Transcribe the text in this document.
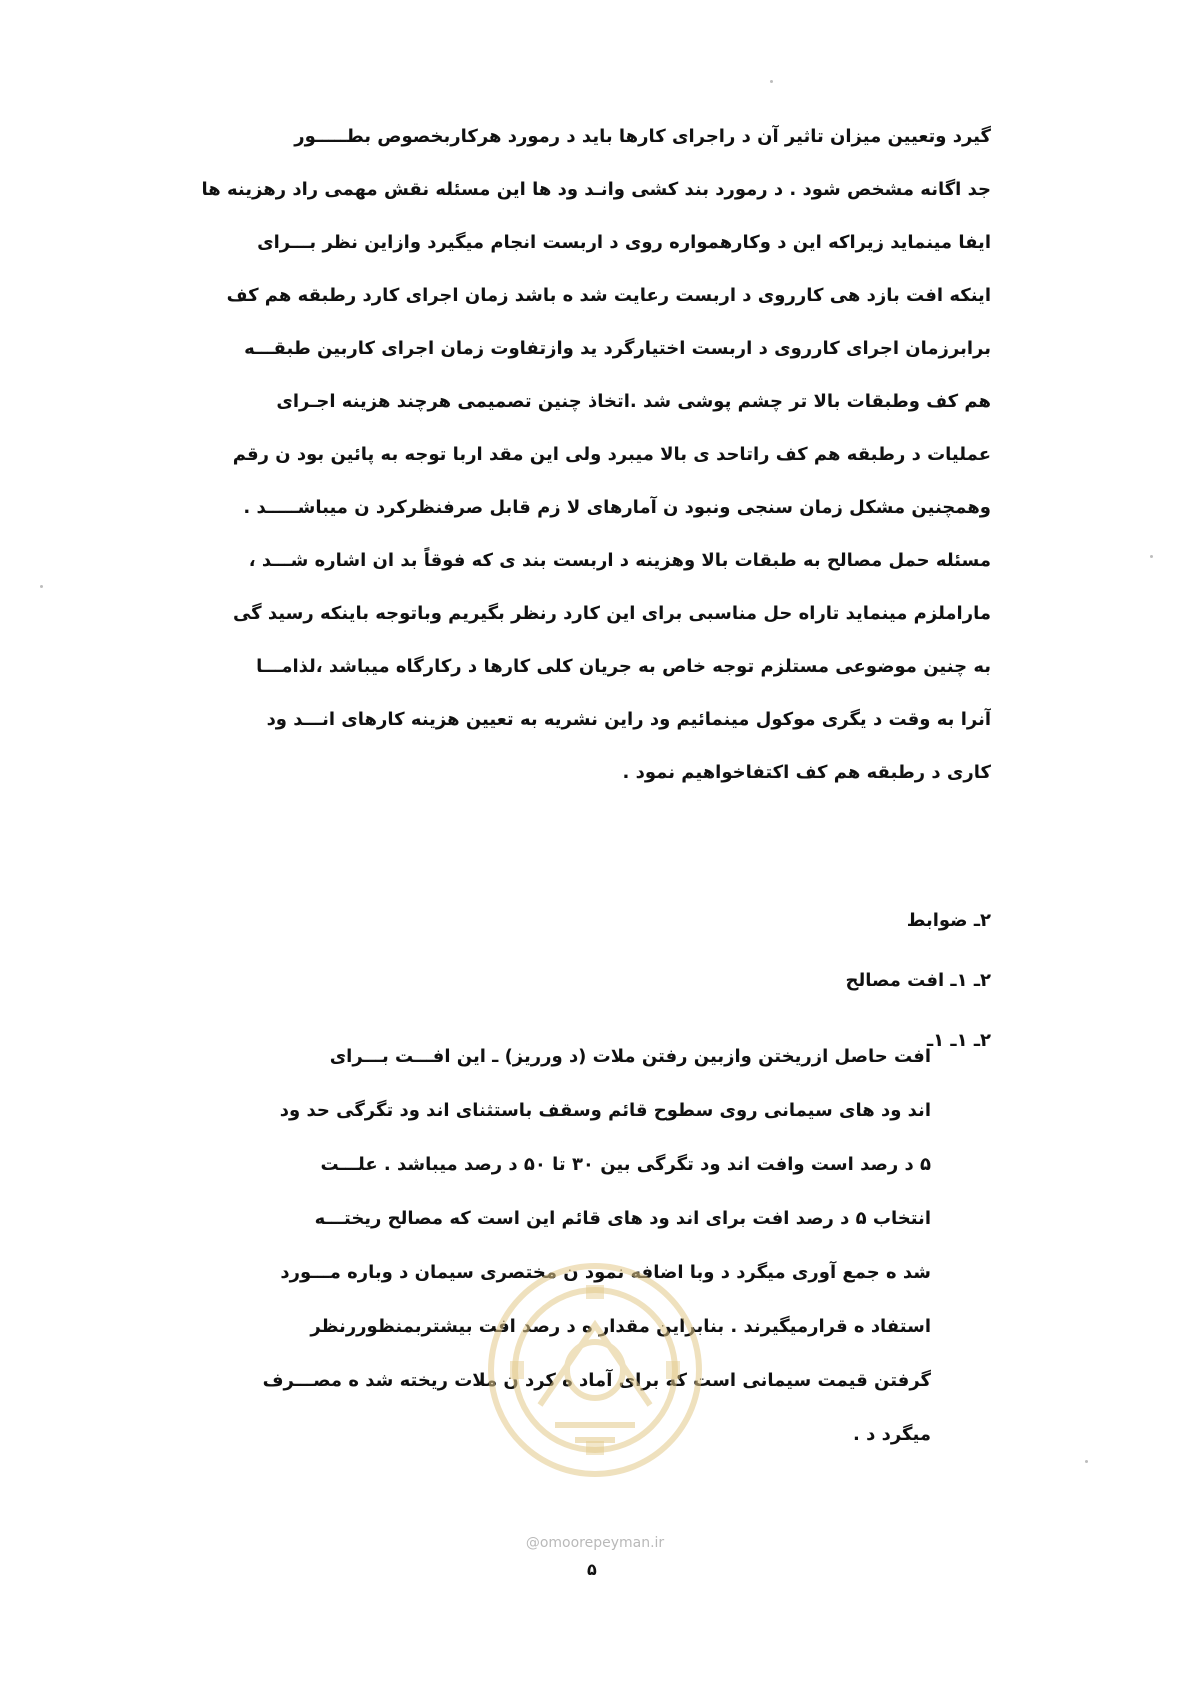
گیرد وتعیین میزان تاثیر آن د راجرای کارها باید د رمورد هرکاربخصوص بطـــــور
جد اگانه مشخص شود . د رمورد بند کشی وانـد ود ها این مسئله نقش مهمی راد رهزینه ها
ایفا مینماید زیراکه این د وکارهمواره روی د اربست انجام میگیرد وازاین نظر بـــرای
اینکه افت بازد هی کارروی د اربست رعایت شد ه باشد زمان اجرای کارد رطبقه هم کف
برابرزمان اجرای کارروی د اربست اختیارگرد ید وازتفاوت زمان اجرای کاربین طبقـــه
هم کف وطبقات بالا تر چشم پوشی شد .اتخاذ چنین تصمیمی هرچند هزینه اجـرای
عملیات د رطبقه هم کف راتاحد ی بالا میبرد ولی این مقد اربا توجه به پائین بود ن رقم
وهمچنین مشکل زمان سنجی ونبود ن آمارهای لا زم قابل صرفنظرکرد ن میباشـــــد .
مسئله حمل مصالح به طبقات بالا وهزینه د اربست بند ی که فوقاً بد ان اشاره شـــد ،
ماراملزم مینماید تاراه حل مناسبی برای این کارد رنظر بگیریم وباتوجه باینکه رسید گی
به چنین موضوعی مستلزم توجه خاص به جریان کلی کارها د رکارگاه میباشد ،لذامـــا
آنرا به وقت د یگری موکول مینمائیم ود راین نشریه به تعیین هزینه کارهای انـــد ود
کاری د رطبقه هم کف اکتفاخواهیم نمود .
۲ـ ضوابط
۲ـ ۱ـ افت مصالح
۲ـ ۱ـ ۱ـ
افت حاصل ازریختن وازبین رفتن ملات (د ورریز) ـ این افـــت بـــرای
اند ود های سیمانی روی سطوح قائم وسقف باستثنای اند ود تگرگی حد ود
۵ د رصد است وافت اند ود تگرگی بین ۳۰ تا ۵۰ د رصد میباشد . علـــت
انتخاب ۵ د رصد افت برای اند ود های قائم این است که مصالح ریختـــه
شد ه جمع آوری میگرد د وبا اضافه نمود ن مختصری سیمان د وباره مـــورد
استفاد ه قرارمیگیرند . بنابراین مقدار ه د رصد افت بیشتربمنظوررنظر
گرفتن قیمت سیمانی است که برای آماد ه کرد ن ملات ریخته شد ه مصـــرف
میگرد د .
@omoorepeyman.ir
۵
